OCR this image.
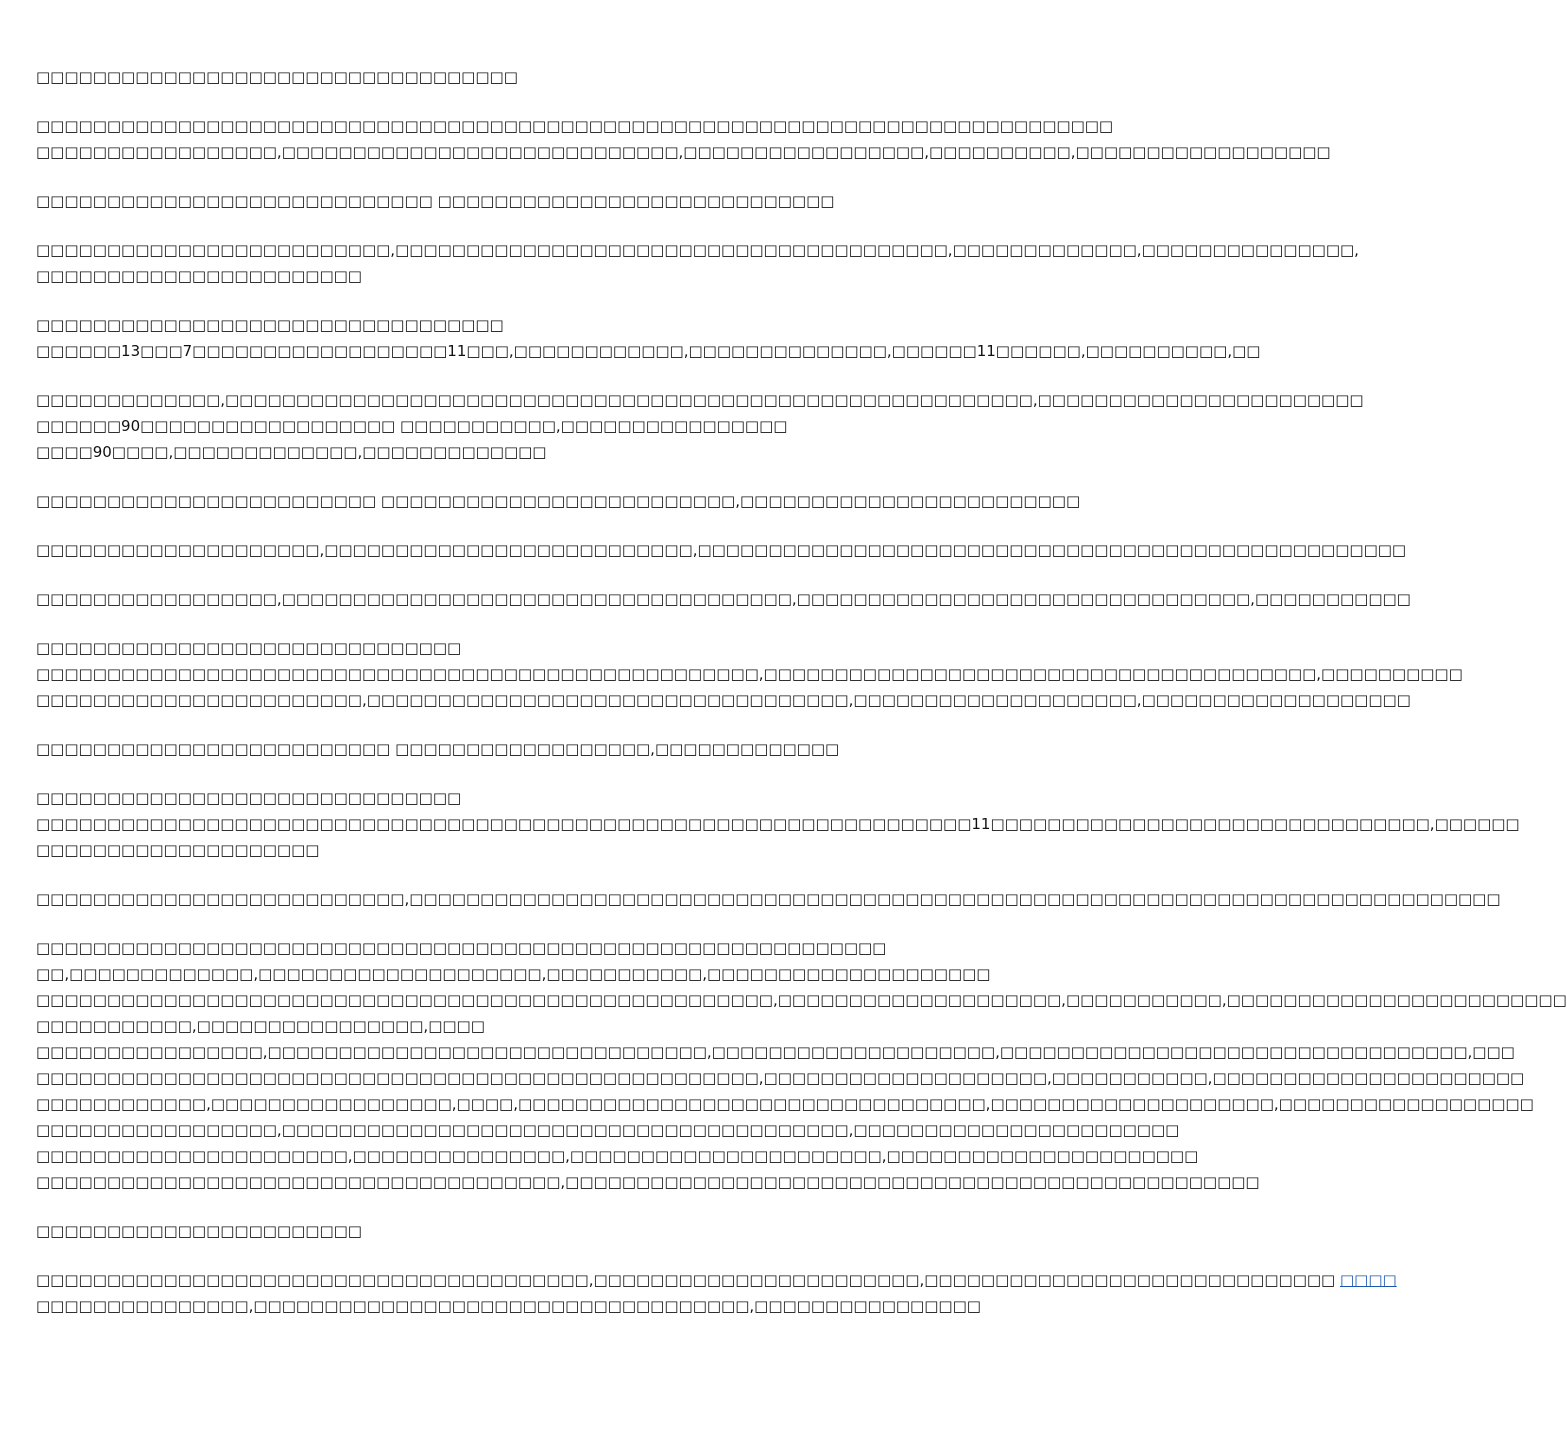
□□□□□□□□□□□□□□□□□□□□□□□□□□□□□□□□□□
□□□□□□□□□□□□□□□□□□□□□□□□□□□□□□□□□□□□□□□□□□□□□□□□□□□□□□□□□□□□□□□□□□□□□□□□□□□□
□□□□□□□□□□□□□□□□□,□□□□□□□□□□□□□□□□□□□□□□□□□□□□,□□□□□□□□□□□□□□□□□,□□□□□□□□□□,□□□□□□□□□□□□□□□□□□
□□□□□□□□□□□□□□□□□□□□□□□□□□□□ □□□□□□□□□□□□□□□□□□□□□□□□□□□□
□□□□□□□□□□□□□□□□□□□□□□□□□,□□□□□□□□□□□□□□□□□□□□□□□□□□□□□□□□□□□□□□□,□□□□□□□□□□□□□,□□□□□□□□□□□□□□□,
□□□□□□□□□□□□□□□□□□□□□□□
□□□□□□□□□□□□□□□□□□□□□□□□□□□□□□□□□
□□□□□□13□□□7□□□□□□□□□□□□□□□□□□11□□□,□□□□□□□□□□□□,□□□□□□□□□□□□□□,□□□□□□11□□□□□□,□□□□□□□□□□,□□
□□□□□□□□□□□□□,□□□□□□□□□□□□□□□□□□□□□□□□□□□□□□□□□□□□□□□□□□□□□□□□□□□□□□□□□,□□□□□□□□□□□□□□□□□□□□□□□
□□□□□□90□□□□□□□□□□□□□□□□□□ □□□□□□□□□□□,□□□□□□□□□□□□□□□□
□□□□90□□□□,□□□□□□□□□□□□□,□□□□□□□□□□□□□
□□□□□□□□□□□□□□□□□□□□□□□□ □□□□□□□□□□□□□□□□□□□□□□□□□,□□□□□□□□□□□□□□□□□□□□□□□□
□□□□□□□□□□□□□□□□□□□□,□□□□□□□□□□□□□□□□□□□□□□□□□□,□□□□□□□□□□□□□□□□□□□□□□□□□□□□□□□□□□□□□□□□□□□□□□□□□□
□□□□□□□□□□□□□□□□□,□□□□□□□□□□□□□□□□□□□□□□□□□□□□□□□□□□□□,□□□□□□□□□□□□□□□□□□□□□□□□□□□□□□□□,□□□□□□□□□□□
□□□□□□□□□□□□□□□□□□□□□□□□□□□□□□
□□□□□□□□□□□□□□□□□□□□□□□□□□□□□□□□□□□□□□□□□□□□□□□□□□□,□□□□□□□□□□□□□□□□□□□□□□□□□□□□□□□□□□□□□□□,□□□□□□□□□□
□□□□□□□□□□□□□□□□□□□□□□□,□□□□□□□□□□□□□□□□□□□□□□□□□□□□□□□□□□,□□□□□□□□□□□□□□□□□□□□,□□□□□□□□□□□□□□□□□□□
□□□□□□□□□□□□□□□□□□□□□□□□□ □□□□□□□□□□□□□□□□□□,□□□□□□□□□□□□□
□□□□□□□□□□□□□□□□□□□□□□□□□□□□□□
□□□□□□□□□□□□□□□□□□□□□□□□□□□□□□□□□□□□□□□□□□□□□□□□□□□□□□□□□□□□□□□□□□11□□□□□□□□□□□□□□□□□□□□□□□□□□□□□□□,□□□□□□
□□□□□□□□□□□□□□□□□□□□
□□□□□□□□□□□□□□□□□□□□□□□□□□,□□□□□□□□□□□□□□□□□□□□□□□□□□□□□□□□□□□□□□□□□□□□□□□□□□□□□□□□□□□□□□□□□□□□□□□□□□□□□
□□□□□□□□□□□□□□□□□□□□□□□□□□□□□□□□□□□□□□□□□□□□□□□□□□□□□□□□□□□□
□□,□□□□□□□□□□□□□,□□□□□□□□□□□□□□□□□□□□,□□□□□□□□□□□,□□□□□□□□□□□□□□□□□□□□
□□□□□□□□□□□□□□□□□□□□□□□□□□□□□□□□□□□□□□□□□□□□□□□□□□□□,□□□□□□□□□□□□□□□□□□□□,□□□□□□□□□□□,□□□□□□□□□□□□□□□□□□□□□□□□
□□□□□□□□□□□,□□□□□□□□□□□□□□□□,□□□□
□□□□□□□□□□□□□□□□,□□□□□□□□□□□□□□□□□□□□□□□□□□□□□□□,□□□□□□□□□□□□□□□□□□□□,□□□□□□□□□□□□□□□□□□□□□□□□□□□□□□□□□,□□□
□□□□□□□□□□□□□□□□□□□□□□□□□□□□□□□□□□□□□□□□□□□□□□□□□□□,□□□□□□□□□□□□□□□□□□□□,□□□□□□□□□□□,□□□□□□□□□□□□□□□□□□□□□□
□□□□□□□□□□□□,□□□□□□□□□□□□□□□□□,□□□□,□□□□□□□□□□□□□□□□□□□□□□□□□□□□□□□□□,□□□□□□□□□□□□□□□□□□□□,□□□□□□□□□□□□□□□□□□
□□□□□□□□□□□□□□□□□,□□□□□□□□□□□□□□□□□□□□□□□□□□□□□□□□□□□□□□□□,□□□□□□□□□□□□□□□□□□□□□□□
□□□□□□□□□□□□□□□□□□□□□□,□□□□□□□□□□□□□□□,□□□□□□□□□□□□□□□□□□□□□□,□□□□□□□□□□□□□□□□□□□□□□
□□□□□□□□□□□□□□□□□□□□□□□□□□□□□□□□□□□□□,□□□□□□□□□□□□□□□□□□□□□□□□□□□□□□□□□□□□□□□□□□□□□□□□□
□□□□□□□□□□□□□□□□□□□□□□□
□□□□□□□□□□□□□□□□□□□□□□□□□□□□□□□□□□□□□□□,□□□□□□□□□□□□□□□□□□□□□□□,□□□□□□□□□□□□□□□□□□□□□□□□□□□□□ □□□□
□□□□□□□□□□□□□□□,□□□□□□□□□□□□□□□□□□□□□□□□□□□□□□□□□□□,□□□□□□□□□□□□□□□□
